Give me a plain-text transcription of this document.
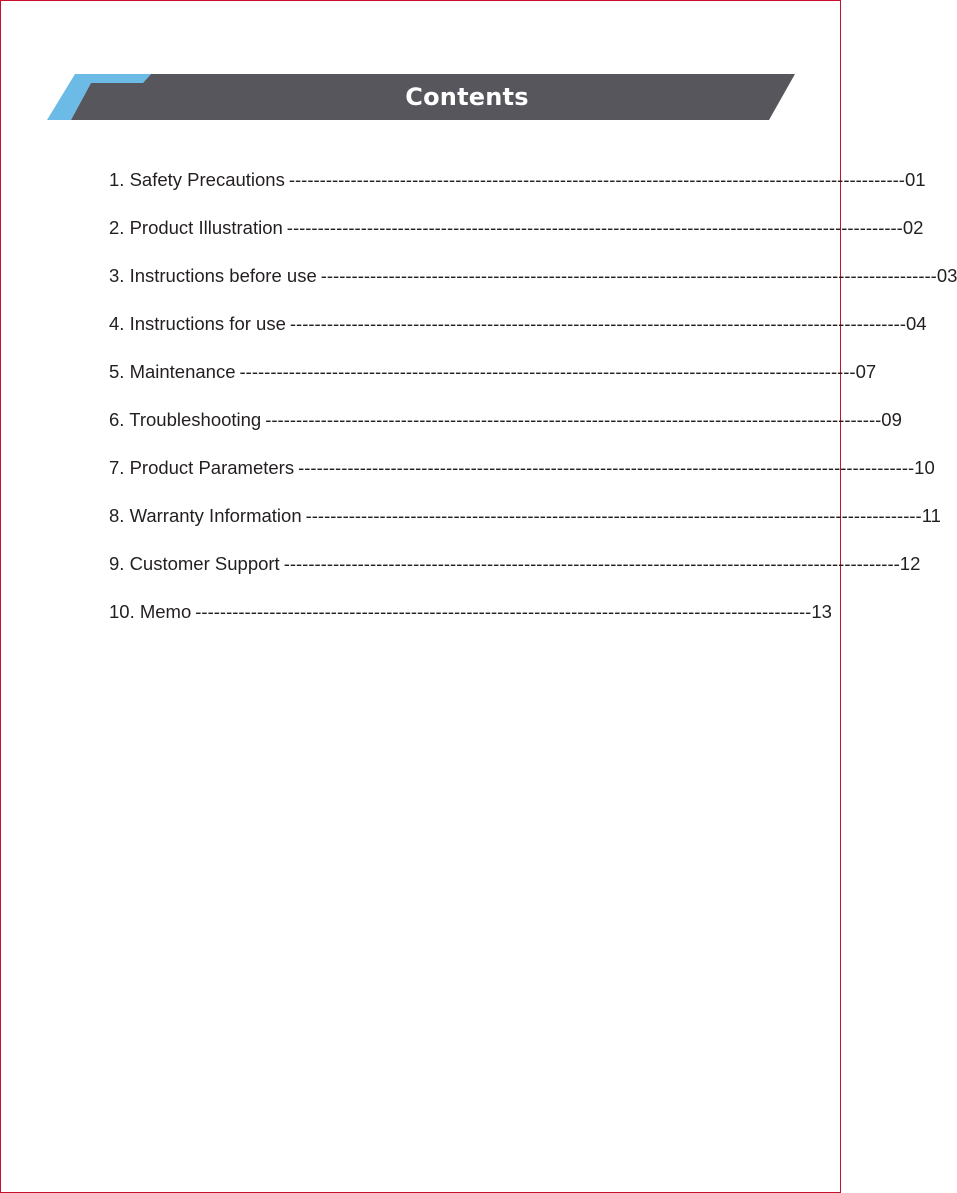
Contents
1. Safety Precautions ---------------------------------------------------------------------------------------------------- 01
2. Product Illustration ---------------------------------------------------------------------------------------------------- 02
3. Instructions before use ---------------------------------------------------------------------------------------------------- 03
4. Instructions for use ---------------------------------------------------------------------------------------------------- 04
5. Maintenance ---------------------------------------------------------------------------------------------------- 07
6. Troubleshooting ---------------------------------------------------------------------------------------------------- 09
7. Product Parameters ---------------------------------------------------------------------------------------------------- 10
8. Warranty Information ---------------------------------------------------------------------------------------------------- 11
9. Customer Support ---------------------------------------------------------------------------------------------------- 12
10. Memo ---------------------------------------------------------------------------------------------------- 13
